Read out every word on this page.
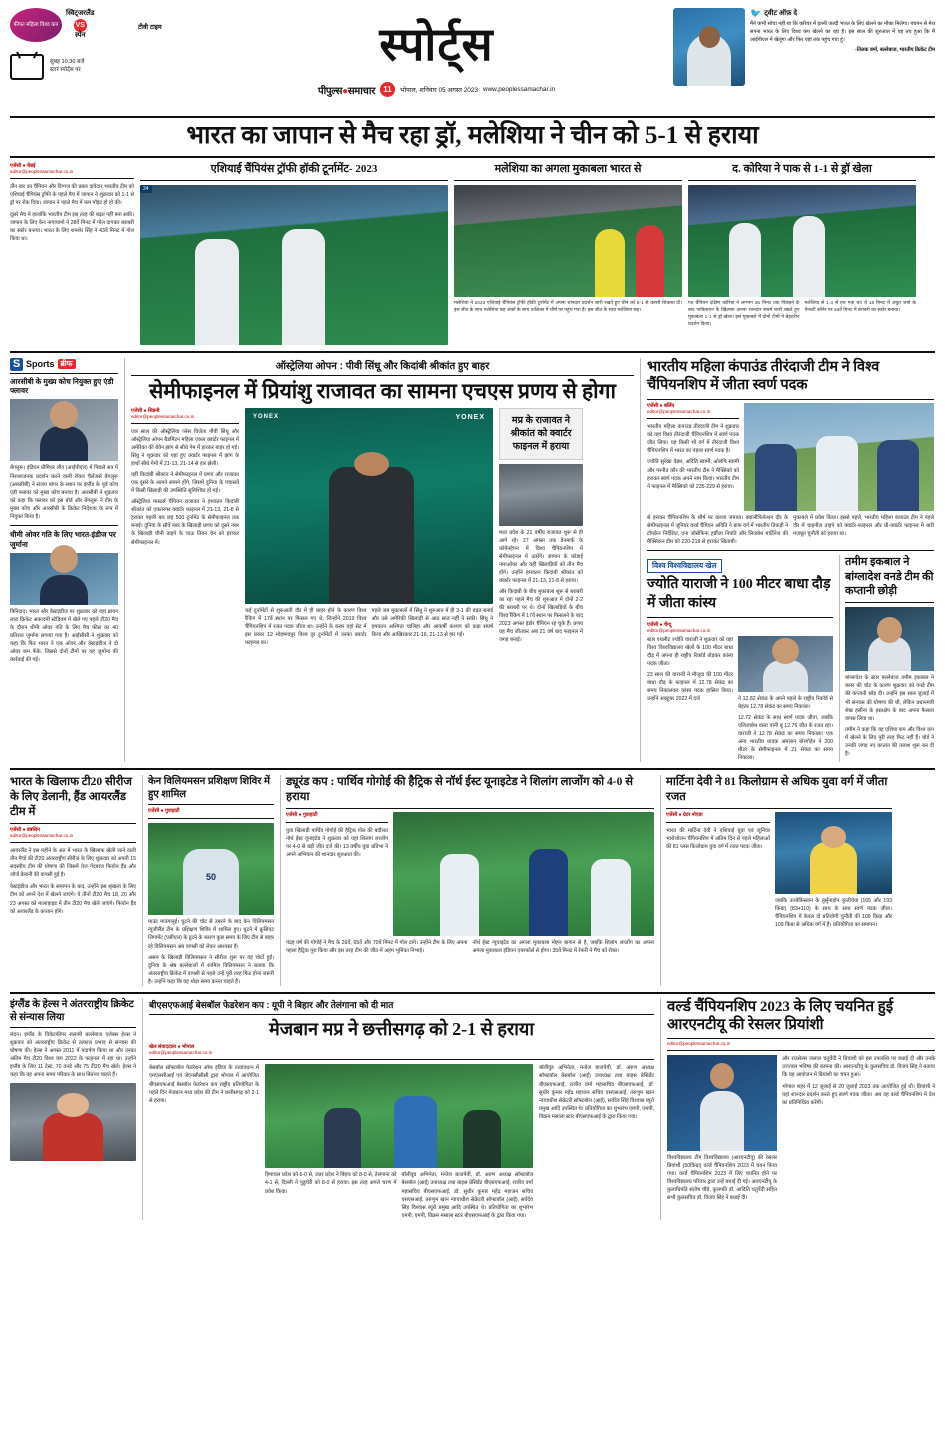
फीफा महिला विश्व कप
स्विट्जरलैंड
VS
स्पेन
सुबह 10.30 बजे
स्टार स्पोर्ट्स पर
टीवी टाइम	स्पोर्ट्स
पीपुल्स●समाचार	11	भोपाल, शनिवार 05 अगस्त 2023 www.peoplessamachar.in
🐦 ट्वीट ऑफ़ दे
मैंने कभी सोचा नहीं था कि करियर में इतनी जल्दी भारत के लिए खेलने का मौका मिलेगा। बचपन से मेरा सपना भारत के लिए विश्व कप खेलने का रहा है। इस साल की शुरुआत में यह तय हुआ कि मैं आईपीएल में खेलूंगा और फिर यहां तक पहुंच गया हूं।
-तिलक वर्मा, बल्लेबाज, भारतीय क्रिकेट टीम
भारत का जापान से मैच रहा ड्रॉ, मलेशिया ने चीन को 5-1 से हराया
एजेंसी ● चेन्नई
editor@peoplessamachar.co.in
तीन बार का चैंपियन और दिग्गज की प्रबल दावेदार भारतीय टीम को एशियाई चैंपियंस ट्रॉफी के पहले मैच में जापान ने शुक्रवार को 1-1 से ड्रॉ पर रोक दिया। जापान ने पहले मैच में कम पॉइंट हो हो की।
दूसरे मैच में हालांकि भारतीय टीम इस तरह की बढ़त नहीं बना सकी। जापान के लिए केन नागायामो ने 28वें मिनट में गोल दागकर बराबरी का स्कोर बनाया। भारत के लिए शमशेर सिंह ने 43वें मिनट में गोल किया था।
एशियाई चैंपियंस ट्रॉफी हॉकी टूर्नामेंट- 2023
24
मलेशिया का अगला मुकाबला भारत से
मलेशिया ने 2023 एशियाई चैंपियंस ट्रॉफी हॉकी टूर्नामेंट में अपना शानदार प्रदर्शन जारी रखते हुए चीन को 5-1 से करारी शिकस्त दी। इस जीत के साथ मलेशिया छह अंकों के साथ तालिका में शीर्ष पर पहुंच गया है। इस जीत के साथ मलेशिया छह।
द. कोरिया ने पाक से 1-1 से ड्रॉ खेला
गत चैंपियन दक्षिण कोरिया ने लगभग 35 मिनट तक पिछड़ने के बाद पाकिस्तान के खिलाफ अपना शानदार संघर्ष जारी रखते हुए मुकाबला 1-1 से ड्रॉ खेला। इस मुकाबले में दोनों टीमों ने बेहतरीन प्रदर्शन किया।
मलेशिया से 1-3 से हार गया था। वे 18 मिनट में अंकुर शर्मा के पेनल्टी कॉर्नर पर 28वें मिनट में बराबरी का स्कोर बनाया।
S Sports ब्रीफ
आरसीबी के मुख्य कोच नियुक्त हुए एंडी फ्लावर
बेंगलुरू। इंडियन प्रीमियर लीग (आईपीएल) में पिछले सत्र में निराशाजनक प्रदर्शन करने वाली रॉयल चैलेंजर्स बेंगलुरू (आरसीबी) ने संजय बांगर के स्थान पर इंग्लैंड के पूर्व कोच एंडी फ्लावर को मुख्य कोच बनाया है। आरसीबी ने शुक्रवार को कहा कि फ्लावर को इस बोर्ड और बेंगलुरू ने टीम के मुख्य कोच और आरसीबी के क्रिकेट निदेशक के रूप में नियुक्त किया है।
धीमी ओवर गति के लिए भारत-इंडीज पर जुर्माना
त्रिनिदाद। भारत और वेस्टइंडीज पर शुक्रवार को यहां ब्रायन लारा क्रिकेट अकादमी स्टेडियम में खेले गए पहले टी20 मैच के दौरान धीमी ओवर गति के लिए मैच फीस का 40 प्रतिशत जुर्माना लगाया गया है। आईसीसी ने शुक्रवार को कहा कि फिर भारत ने एक ओवर और वेस्टइंडीज ने दो ओवर कम फेंके, जिससे दोनों टीमों पर यह जुर्माना की कार्रवाई की गई।
ऑस्ट्रेलिया ओपन : पीवी सिंधू और किदांबी श्रीकांत हुए बाहर
सेमीफाइनल में प्रियांशु राजावत का सामना एचएस प्रणय से होगा
एजेंसी ● सिडनी
editor@peoplessamachar.co.in
एक साल की ऑस्ट्रेलिया प्लेस विजेता पीवी सिंधू और ऑस्ट्रेलिया ओपन बैडमिंटन महिला एकल क्वार्टर फाइनल में अमेरिका की बेवेन झांग से सीधे गेम में हारकर बाहर हो गईं। सिंधु ने शुक्रवार को यहां हुए क्वार्टर फाइनल में झांग के हाथों सीधे गेमों में 21-13, 21-14 से हार झेली।
वहीं किदांबी श्रीकांत ने सेमीफाइनल में प्रणय और राजावत एक दूसरे के आमने सामने होंगे, जिसमें दुनिया के पचासवें में किसी खिलाड़ी की उपस्थिति सुनिश्चित हो गई।
ऑस्ट्रेलिया मास्टर्स चैंपियन राजावत ने हमवतन किदांबी श्रीकांत को एकतरफा क्वार्टर फाइनल में 21-13, 21-8 से हराकर पहली बार छह 500 टूर्नामेंट के सेमीफाइनल तक बनाई। दुनिया के सौवें नंबर के खिलाड़ी प्रणय को दूसरे नंबर के खिलाड़ी चीनी ताइपे के चाऊ तियन चेन को हराकर सेमीफाइनल में।
YONEX
YONEX
कई टूर्नामेंटों से शुरुआती दौर में ही बाहर होने के कारण विश्व रैंकिंग में 17वें स्थान पर फिसल गए थे, जिन्होंने 2019 विश्व चैंपियनशिप में रजत पदक जीता था। उन्होंने के करार यहां सेट में इस प्रकार 12 मोहम्मदपुर विश्व दूर टूर्नामेंटों में उनका क्वार्टर फाइनल का।
पहले जब मुकाबलों में सिंधु ने शुरुआत में ही 3-1 की बढ़त बनाई और उसे अमेरिकी खिलाड़ी से आठ सात नहीं ने सकी। सिंधु ने हमवतन अश्मिता चालिहा और आकर्षी कश्यप को कड़ा संघर्ष किया और आखिरकार 21-16, 21-13 से हार गईं।
मप्र के राजावत ने श्रीकांत को क्वार्टर फाइनल में हराया
मध्य प्रदेश के 21 वर्षीय राजावत शुरू से ही आगे रहे। 27 अगस्त तक डेनमार्क के कोपेनहेगन में विश्व चैंपियनशिप में सेमीफाइनल में उतरेंगे। जापान के कोडाई नाराओका और वहीं खिलाड़ियों को तीन मैच होंगे। उन्होंने हमवतन किदांबी श्रीकांत को क्वार्टर फाइनल में 21-13, 21-8 से हराया।
और किदांबी के बीच मुकाबला शुरू से बराबरी का रहा पहले मैच की शुरुआत में दोनों 2-2 की बराबरी पर थे। दोनों खिलाड़ियों के बीच विश्व रैंकिंग में 17वें स्थान पर फिसलने के बाद 2023 अगस्त इंडोर चैंपियन रह चुके हैं। प्रणय यह मैच जीतकर अब 21 वर्ष बाद फाइनल में जगह बनाई।
भारतीय महिला कंपाउंड तीरंदाजी टीम ने विश्व चैंपियनशिप में जीता स्वर्ण पदक
एजेंसी ● बर्लिन
editor@peoplessamachar.co.in
भारतीय महिला कंपाउंड तीरंदाजी टीम ने शुक्रवार को यहां विश्व तीरंदाजी चैंपियनशिप में स्वर्ण पदक जीत लिया। यह किसी भी वर्ग में तीरंदाजी विश्व चैंपियनशिप में भारत का पहला स्वर्ण पदक है।
ज्योति सुरेखा वेन्नम, अदिति स्वामी, ओलंपि स्वामी और परनीत कौर की भारतीय टीम ने मैक्सिको को हराकर स्वर्ण पदक अपने नाम किया। भारतीय टीम ने फाइनल में मैक्सिको को 235-229 से हराया।
से हराकर चैंपियनशिप के शीर्ष पर कब्जा जमाया। क्वालीफिकेशन दौर के सेमीफाइनल में जूनियर वर्ल्ड चैंपियन अदिति ने ग्राफ वर्ग में भारतीय तिकड़ी ने टॉपकेन निर्देशित, एना जोसेफिना हर्डीजा नियति और लिजबेथ मार्टिनेज की मैक्सिकन टीम को 220-216 से हराकर खिताबी।
मुकाबले में प्रवेश किया। इससे पहले, भारतीय महिला कंपाउंड टीम ने पहले दौर में चाइनीज ताइपे को क्वार्टर-फाइनल और प्री-क्वार्टर फाइनल में बारी मजबूत चुनौती को हराया था।
विश्व विश्वविद्यालय खेल
ज्योति याराजी ने 100 मीटर बाधा दौड़ में जीता कांस्य
एजेंसी ● चेंग्दू
editor@peoplessamachar.co.in
स्टार एथलीट ज्योति याराजी ने शुक्रवार को यहां विश्व विश्वविद्यालय खेलों के 100 मीटर बाधा दौड़ में अपना ही राष्ट्रीय रिकॉर्ड तोड़कर कांस्य पदक जीता।
23 साल की याराजी ने मौजूदा की 100 मीटर बाधा दौड़ के फाइनल में 12.78 सेकंड का समय निकालकर कांस्य पदक हासिल किया। उन्होंने अक्टूबर 2022 में दर्ज	ने 12.82 सेकंड के अपने पहले के राष्ट्रीय रिकॉर्ड से बेहतर 12.78 सेकंड का समय निकाला।
12.72 सेकंड के साथ स्वर्ण पदक जीता, जबकि एलिजाबेथ वाला यानी बू 12.76 जीत के रजत रहा। याराजी ने 12.78 सेकंड का समय निकाला। एक अन्य भारतीय धावक अमलान बोरगोहेन ने 200 मीटर के सेमीफाइनल में 21 सेकंड का समय निकाला।
तमीम इकबाल ने बांग्लादेश वनडे टीम की कप्तानी छोड़ी
बांग्लादेश के स्टार बल्लेबाज तमीम इकबाल ने कमर की चोट के कारण शुक्रवार को वनडे टीम की कप्तानी छोड़ दी। उन्होंने इस साल जुलाई में भी संन्यास की घोषणा की थी, लेकिन प्रधानमंत्री शेख हसीना के हस्तक्षेप के बाद अपना फैसला वापस लिया था।
तमीम ने कहा कि वह एशिया कप और विश्व कप में खेलने के लिए पूरी तरह फिट नहीं हैं। बोर्ड ने उनकी जगह नए कप्तान की तलाश शुरू कर दी है।
भारत के खिलाफ टी20 सीरीज के लिए डेलानी, हैंड आयरलैंड टीम में
एजेंसी ● डबलिन
editor@peoplessamachar.co.in
आयरलैंड ने इस महीने के अंत में भारत के खिलाफ खेली जाने वाली तीन मैचों की टी20 अंतरराष्ट्रीय सीरीज के लिए शुक्रवार को अपनी 15 सदस्यीय टीम की घोषणा की जिसमें तेज गेंदबाज फियोन हैंड और जॉर्ज डेलानी की वापसी हुई है।
वेस्टइंडीज और भारत के समापन के बाद, उन्होंने इस श्रृंखला के लिए टीम को अपने देश में खेलने जाएंगे। ये तीनों टी20 मैच 18, 20 और 23 अगस्त को मालाहाइड में तीन टी20 मैच खेले जाएंगे। फियोन हैंड को आयरलैंड के कप्तान होंगे।
केन विलियमसन प्रशिक्षण शिविर में हुए शामिल
एजेंसी ● गुवाहाटी
50
माउंट माउंगानुई। घुटने की चोट से उबरने के बाद केन विलियमसन न्यूजीलैंड टीम के प्रशिक्षण शिविर में शामिल हुए। घुटने में क्रूसिएट लिगामेंट (एसीएल) के टूटने के कारण कुछ समय के लिए टीम से बाहर रहे विलियमसन अब वापसी को लेकर आश्वस्त हैं।
असम के खिलाड़ी विलियमसन ने सीरीज शुरू पर यह चोटों हुईं। दुनिया के श्रेष्ठ बल्लेबाजों में शामिल विलियमसन ने बताया कि अंतरराष्ट्रीय क्रिकेट में वापसी से पहले उन्हें पूरी तरह फिट होना जरूरी है। उन्होंने कहा कि वह थोड़ा समय करना चाहते हैं।
ड्यूरंड कप : पार्थिव गोगोई की हैट्रिक से नॉर्थ ईस्ट यूनाइटेड ने शिलांग लाजोंग को 4-0 से हराया
एजेंसी ● गुवाहाटी
युवा खिलाड़ी पार्थिव गोगोई की हैट्रिक गोल की बदौलत नॉर्थ ईस्ट यूनाइटेड ने शुक्रवार को यहां शिलांग लाजोंग पर 4-0 से बड़ी जीत दर्ज की। 13 वर्षीय युवा प्रतिभा ने अपने अभियान की शानदार शुरुआत की।
पंद्रह वर्ष की गोगोई ने मैच के 26वें, 65वें और 70वें मिनट में गोल दागे। उन्होंने टीम के लिए अपना पहला हैट्रिक पूरा किया और इस तरह टीम की जीत में अहम भूमिका निभाई।
नॉर्थ ईस्ट न्यूयाइटेड का अगला मुकाबला मोहन बागान से है, जबकि शिलांग लाजोंग का अपना अगला मुकाबला इंडियन एयरफोर्स से होगा। 35वें मिनट में रेफरी ने मैच को रोका।
मार्टिना देवी ने 81 किलोग्राम से अधिक युवा वर्ग में जीता रजत
एजेंसी ● ग्रेटर नोएडा
भारत की मार्टिना देवी ने एशियाई युवा एवं जूनियर भारोत्तोलन चैंपियनशिप में अंतिम दिन से पहले महिलाओं की 81 प्लस किलोग्राम युवा वर्ग में रजत पदक जीता।
जबकि उज्बेकिस्तान के तुर्सुनाहोन कुजीयेवा (165 और 193 किग्रा) (83+110) के साथ के साथ स्वर्ण पदक जीता। चैंपियनशिप में केवल दो प्रतियोगी चुनौती की 109 किग्रा और 109 किग्रा से अधिक वर्ग में हैं। प्रतियोगिता का समापन।
इंग्लैंड के हेल्स ने अंतरराष्ट्रीय क्रिकेट से संन्यास लिया
लंदन। इंग्लैंड के विकेटकीपर सलामी बल्लेबाज एलेक्स हेल्स ने शुक्रवार को अंतरराष्ट्रीय क्रिकेट से तत्काल प्रभाव से संन्यास की घोषणा की। हेल्स ने अगस्त 2011 में पदार्पण किया था और उनका अंतिम मैच टी20 विश्व कप 2022 के फाइनल में रहा था। उन्होंने इंग्लैंड के लिए 11 टेस्ट, 70 वनडे और 75 टी20 मैच खेले। हेल्स ने कहा कि वह अपना समय परिवार के साथ बिताना चाहते हैं।
बीएसएफआई बेसबॉल फेडरेशन कप : यूपी ने बिहार और तेलंगाना को दी मात
मेजबान मप्र ने छत्तीसगढ़ को 2-1 से हराया
खेल संवाददाता ● भोपाल
editor@peoplessamachar.co.in
बेसबॉल सॉफ्टबॉल फेडरेशन ऑफ इंडिया के तत्वावधान में एमएलसीआई एवं जेएनसीसीसी द्वारा भोपाल में आयोजित बीएसएफआई बेसबॉल फेडरेशन कप राष्ट्रीय प्रतियोगिता के पहले दिन मेजबान मध्य प्रदेश की टीम ने छत्तीसगढ़ को 2-1 से हराया।
हिमाचल प्रदेश को 6-0 से, उत्तर प्रदेश ने बिहार को 8-0 से, तेलंगाना को 4-1 से, दिल्ली ने पुडुचेरी को 8-0 से हराया। इस तरह अगले चरण में प्रवेश किया।
बॉलीवुड अभिनेता, मनोज बाजपेयी, डॉ. अरुण अध्यक्ष सॉफ्टबॉल बेसबॉल (आई) उपाध्यक्ष तथा बाइस प्रेसिडेंट बीएसएफआई, राजीव वर्मा महासचिव बीएसएफआई, डॉ. सुधीर कुमार महेंद्र महाजन सचिव एसएसआई, तरुणुम खान न्यायाधीश सेक्रेटरी सॉफ्टबॉल (आई), सर्वदेव सिंह विश्वास ब्यूरो प्रमुख आदि उपस्थित थे। प्रतियोगिता का शुभारंभ एमपी, एमपी, विक्रम मसाला स्टार बीएसएफआई के द्वारा किया गया।
बॉलीवुड अभिनेता, मनोज बाजपेयी, डॉ. अरुण अध्यक्ष सॉफ्टबॉल बेसबॉल (आई) उपाध्यक्ष तथा बाइस प्रेसिडेंट बीएसएफआई, राजीव वर्मा महासचिव बीएसएफआई, डॉ. सुधीर कुमार महेंद्र महाजन सचिव एसएसआई, तरुणुम खान न्यायाधीश सेक्रेटरी सॉफ्टबॉल (आई), सर्वदेव सिंह विश्वास ब्यूरो प्रमुख आदि उपस्थित थे। प्रतियोगिता का शुभारंभ एमपी, एमपी, विक्रम मसाला स्टार बीएसएफआई के द्वारा किया गया।
वर्ल्ड चैंपियनशिप 2023 के लिए चयनित हुई आरएनटीयू की रेसलर प्रियांशी
editor@peoplessamachar.co.in
विश्वविद्यालय टीम विश्वविद्यालय (आरएनटीयू) की रेसलर प्रियांशी (50किग्रा) वर्ल्ड चैंपियनशिप 2023 में चयन किया गया। वर्ल्ड चैंपियनशिप 2023 में लिए चयनित होने पर विश्वविद्यालय परिवार द्वारा उन्हें बधाई दी गई। आरएनटीयू के कुलाधिपति संतोष चौबे, कुलपति डॉ. आदिति चतुर्वेदी सहित सभी कुलसचिव डॉ. विजय सिंह ने बधाई दी।
और राउसेल्स जलाल चतुर्वेदी ने प्रियांशी को इस उपलब्धि पर बधाई दी और उनके उज्ज्वल भविष्य की कामना की। आरएनटीयू के कुलसचिव डॉ. विजय सिंह ने बताया कि यह आयोजन में प्रियांशी का चयन हुआ।
भोपाल शहर में 12 जुलाई से 20 जुलाई 2023 तक आयोजित हुई थी। प्रियांशी ने यहां शानदार प्रदर्शन करते हुए स्वर्ण पदक जीता। अब वह वर्ल्ड चैंपियनशिप में देश का प्रतिनिधित्व करेंगी।
